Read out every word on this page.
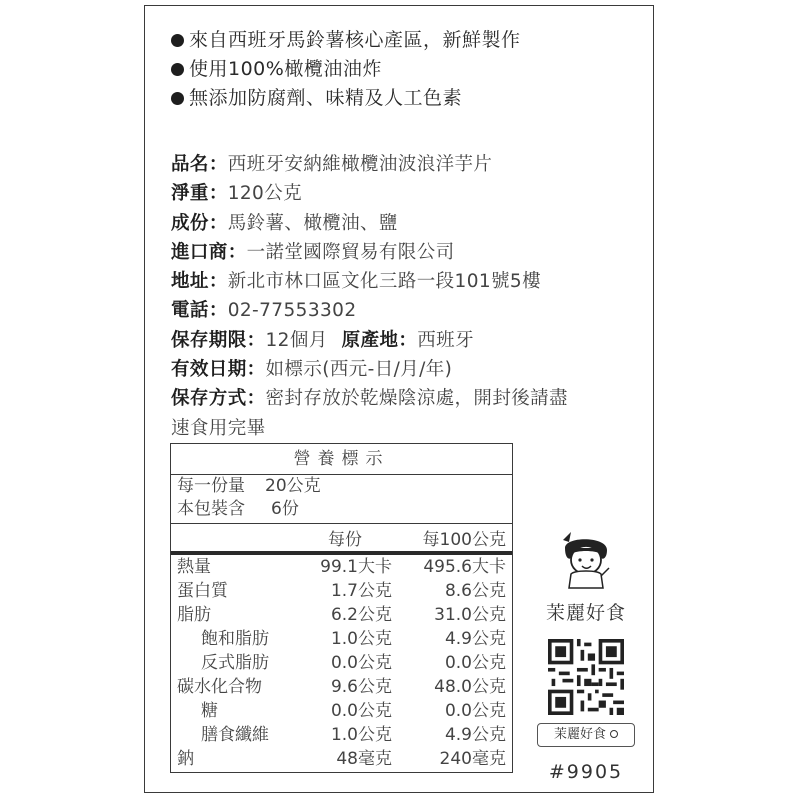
來自西班牙馬鈴薯核心產區，新鮮製作
使用100%橄欖油油炸
無添加防腐劑、味精及人工色素
品名：西班牙安納維橄欖油波浪洋芋片
淨重：120公克
成份：馬鈴薯、橄欖油、鹽
進口商：一諾堂國際貿易有限公司
地址：新北市林口區文化三路一段101號5樓
電話：02-77553302
保存期限：12個月 原產地：西班牙
有效日期：如標示(西元-日/月/年)
保存方式：密封存放於乾燥陰涼處，開封後請盡
速食用完畢
營養標示
每一份量 20公克
本包裝含 6份
每份	每100公克
熱量	99.1大卡 495.6大卡
蛋白質	1.7公克	8.6公克
脂肪	6.2公克 31.0公克
飽和脂肪	1.0公克	4.9公克
反式脂肪	0.0公克	0.0公克
碳水化合物	9.6公克 48.0公克
糖	0.0公克	0.0公克
膳食纖維	1.0公克	4.9公克
鈉	48毫克	240毫克
茉麗好食
茉麗好食
#9905
